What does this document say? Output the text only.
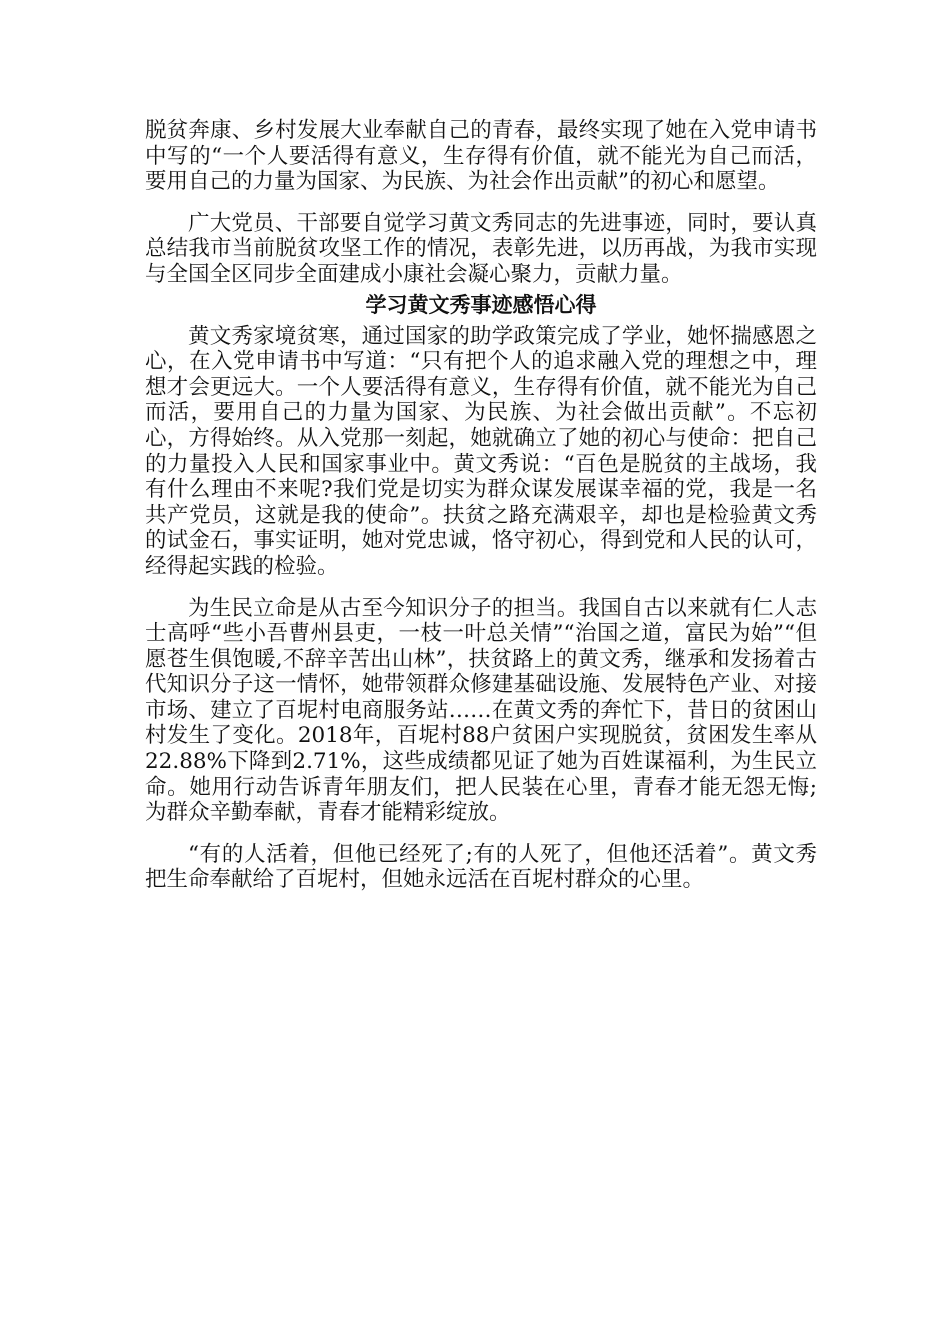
脱贫奔康、乡村发展大业奉献自己的青春，最终实现了她在入党申请书中写的“一个人要活得有意义，生存得有价值，就不能光为自己而活，要用自己的力量为国家、为民族、为社会作出贡献”的初心和愿望。

广大党员、干部要自觉学习黄文秀同志的先进事迹，同时，要认真总结我市当前脱贫攻坚工作的情况，表彰先进，以历再战，为我市实现与全国全区同步全面建成小康社会凝心聚力，贡献力量。

学习黄文秀事迹感悟心得

黄文秀家境贫寒，通过国家的助学政策完成了学业，她怀揣感恩之心，在入党申请书中写道：“只有把个人的追求融入党的理想之中，理想才会更远大。一个人要活得有意义，生存得有价值，就不能光为自己而活，要用自己的力量为国家、为民族、为社会做出贡献”。不忘初心，方得始终。从入党那一刻起，她就确立了她的初心与使命：把自己的力量投入人民和国家事业中。黄文秀说：“百色是脱贫的主战场，我有什么理由不来呢?我们党是切实为群众谋发展谋幸福的党，我是一名共产党员，这就是我的使命”。扶贫之路充满艰辛，却也是检验黄文秀的试金石，事实证明，她对党忠诚，恪守初心，得到党和人民的认可，经得起实践的检验。

为生民立命是从古至今知识分子的担当。我国自古以来就有仁人志士高呼“些小吾曹州县吏，一枝一叶总关情”“治国之道，富民为始”“但愿苍生俱饱暖,不辞辛苦出山林”，扶贫路上的黄文秀，继承和发扬着古代知识分子这一情怀，她带领群众修建基础设施、发展特色产业、对接市场、建立了百坭村电商服务站……在黄文秀的奔忙下，昔日的贫困山村发生了变化。2018年，百坭村88户贫困户实现脱贫，贫困发生率从22.88%下降到2.71%，这些成绩都见证了她为百姓谋福利，为生民立命。她用行动告诉青年朋友们，把人民装在心里，青春才能无怨无悔;为群众辛勤奉献，青春才能精彩绽放。

“有的人活着，但他已经死了;有的人死了，但他还活着”。黄文秀把生命奉献给了百坭村，但她永远活在百坭村群众的心里。
